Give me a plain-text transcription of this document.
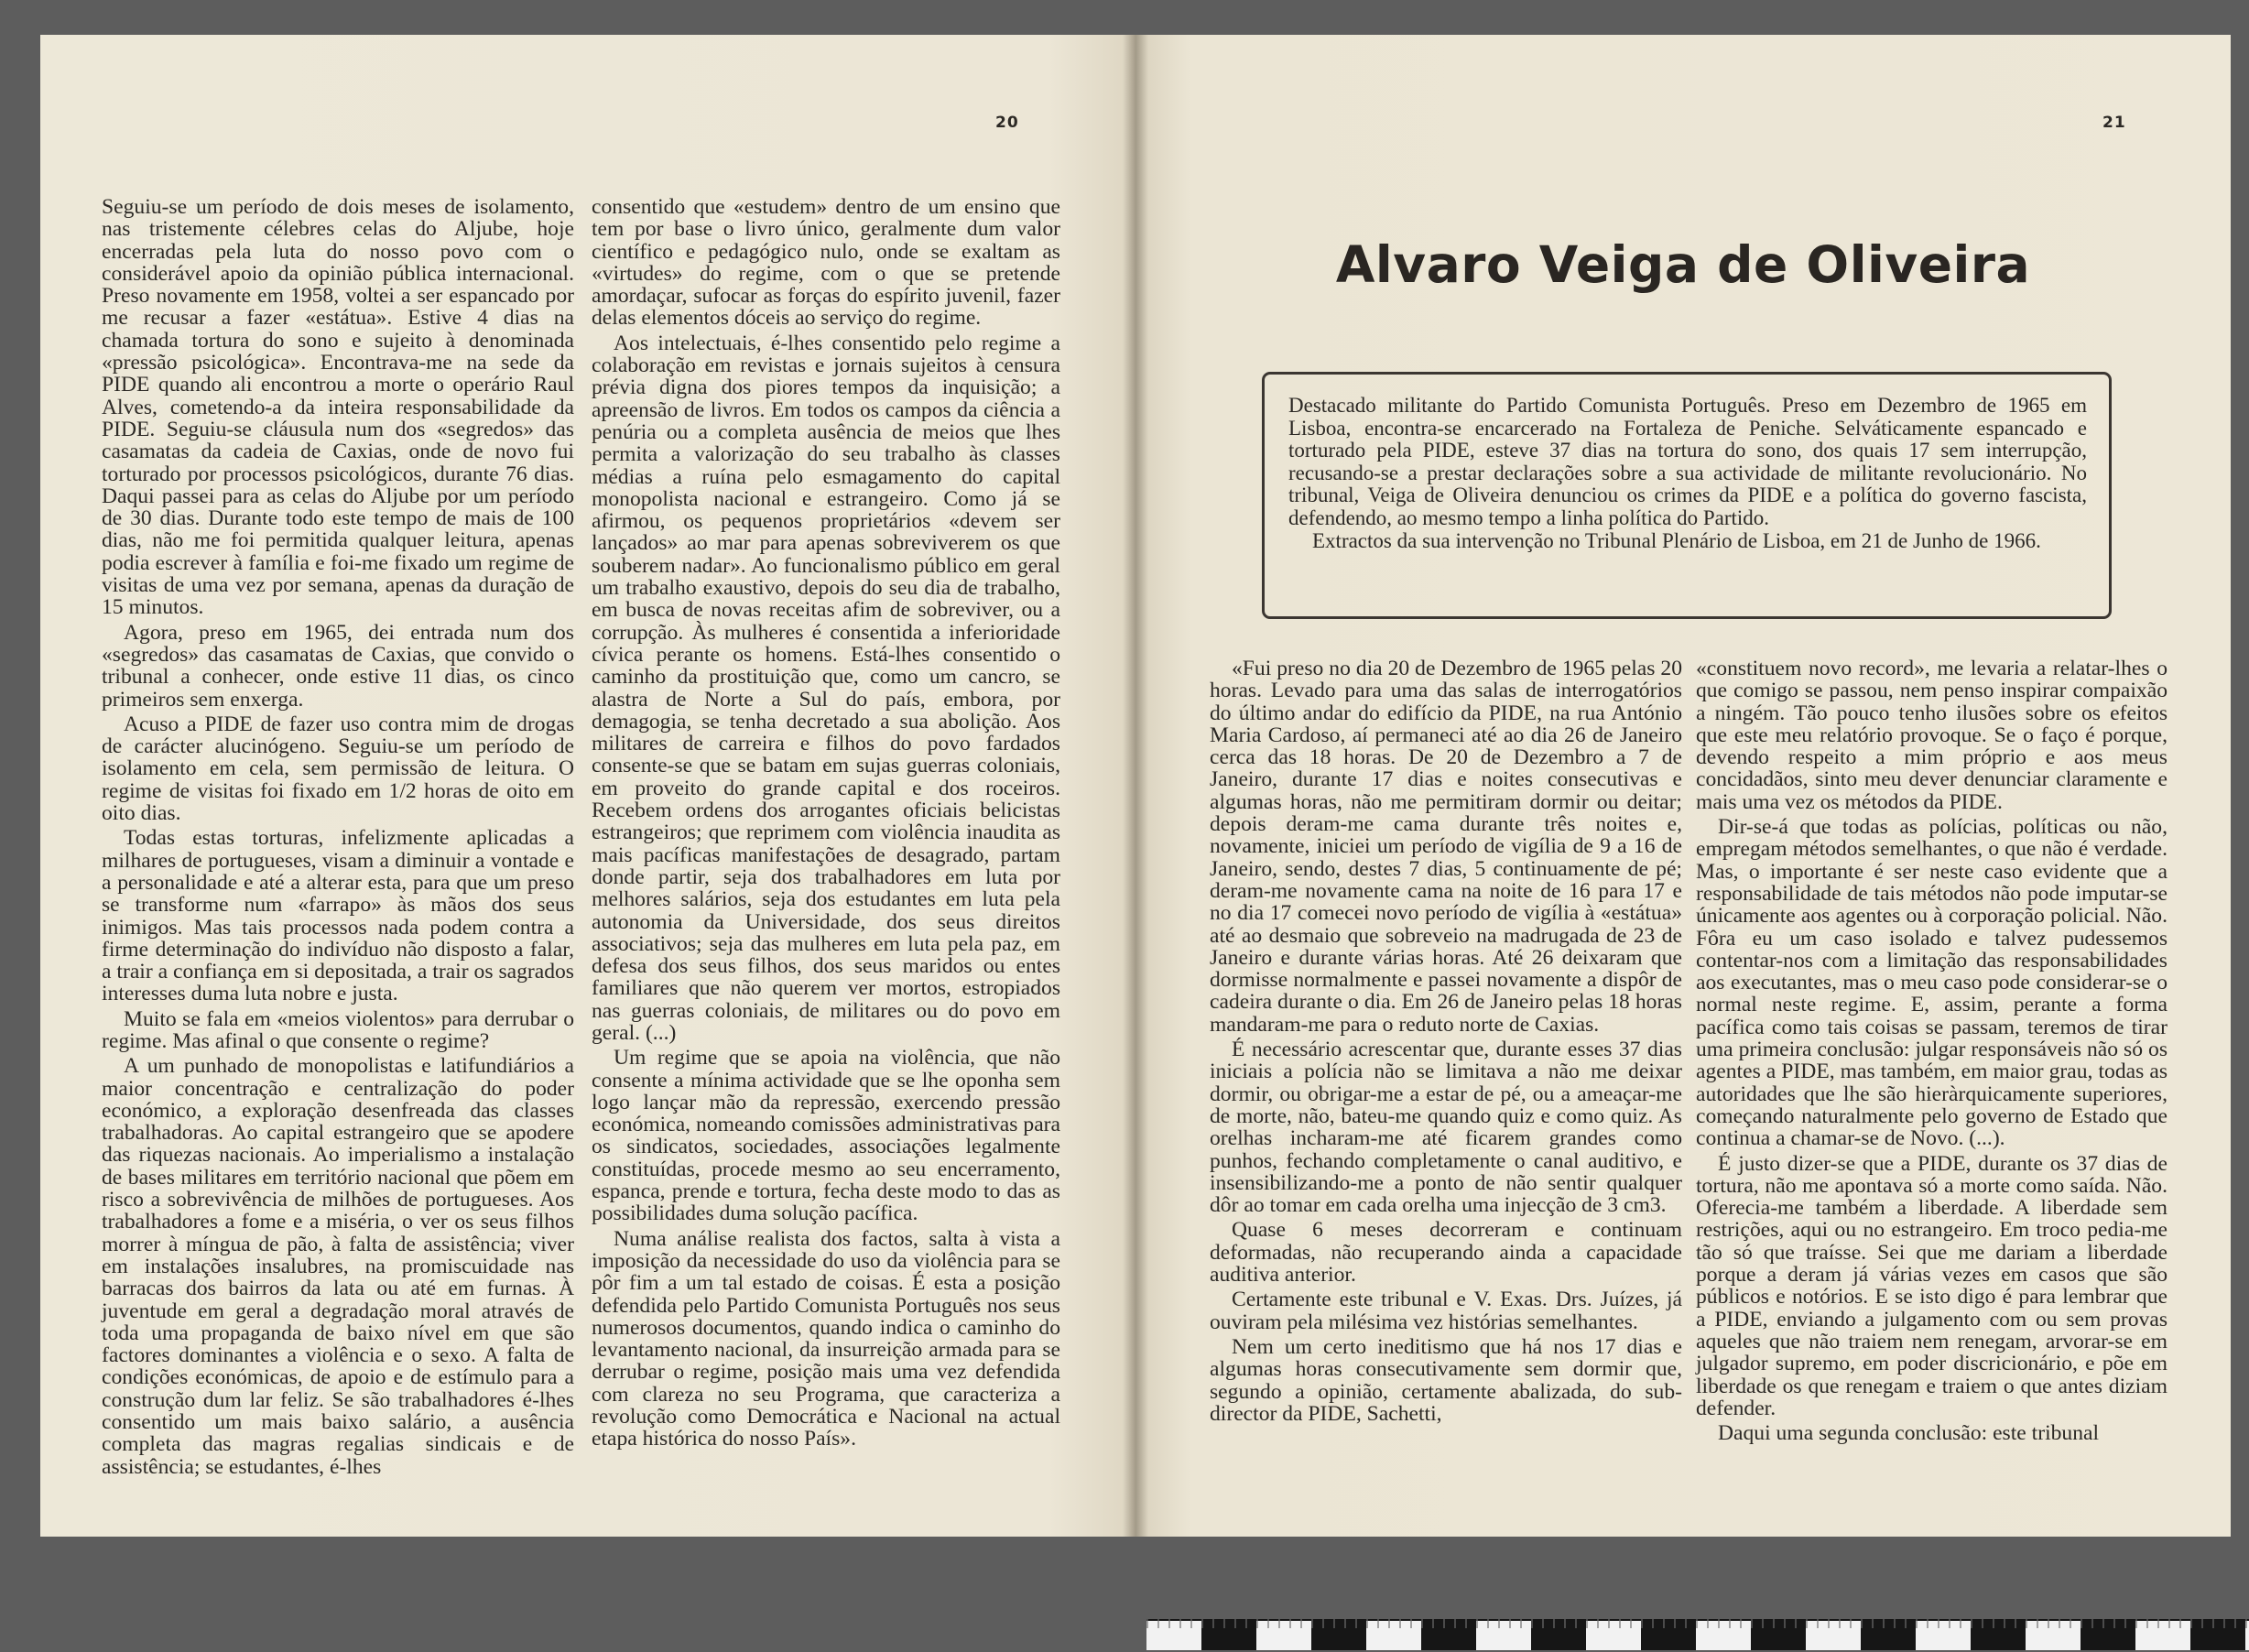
20

Seguiu-se um período de dois meses de isolamento, nas tristemente célebres celas do Aljube, hoje encerradas pela luta do nosso povo com o considerável apoio da opinião pública internacional. Preso novamente em 1958, voltei a ser espancado por me recusar a fazer «estátua». Estive 4 dias na chamada tortura do sono e sujeito à denominada «pressão psicológica». Encontrava-me na sede da PIDE quando ali encontrou a morte o operário Raul Alves, cometendo-a da inteira responsabilidade da PIDE. Seguiu-se cláusula num dos «segredos» das casamatas da cadeia de Caxias, onde de novo fui torturado por processos psicológicos, durante 76 dias. Daqui passei para as celas do Aljube por um período de 30 dias. Durante todo este tempo de mais de 100 dias, não me foi permitida qualquer leitura, apenas podia escrever à família e foi-me fixado um regime de visitas de uma vez por semana, apenas da duração de 15 minutos.

Agora, preso em 1965, dei entrada num dos «segredos» das casamatas de Caxias, que convido o tribunal a conhecer, onde estive 11 dias, os cinco primeiros sem enxerga.

Acuso a PIDE de fazer uso contra mim de drogas de carácter alucinógeno. Seguiu-se um período de isolamento em cela, sem permissão de leitura. O regime de visitas foi fixado em 1/2 horas de oito em oito dias.

Todas estas torturas, infelizmente aplicadas a milhares de portugueses, visam a diminuir a vontade e a personalidade e até a alterar esta, para que um preso se transforme num «farrapo» às mãos dos seus inimigos. Mas tais processos nada podem contra a firme determinação do indivíduo não disposto a falar, a trair a confiança em si depositada, a trair os sagrados interesses duma luta nobre e justa.

Muito se fala em «meios violentos» para derrubar o regime. Mas afinal o que consente o regime?

A um punhado de monopolistas e latifundiários a maior concentração e centralização do poder económico, a exploração desenfreada das classes trabalhadoras. Ao capital estrangeiro que se apodere das riquezas nacionais. Ao imperialismo a instalação de bases militares em território nacional que põem em risco a sobrevivência de milhões de portugueses. Aos trabalhadores a fome e a miséria, o ver os seus filhos morrer à míngua de pão, à falta de assistência; viver em instalações insalubres, na promiscuidade nas barracas dos bairros da lata ou até em furnas. À juventude em geral a degradação moral através de toda uma propaganda de baixo nível em que são factores dominantes a violência e o sexo. A falta de condições económicas, de apoio e de estímulo para a construção dum lar feliz. Se são trabalhadores é-lhes consentido um mais baixo salário, a ausência completa das magras regalias sindicais e de assistência; se estudantes, é-lhes

consentido que «estudem» dentro de um ensino que tem por base o livro único, geralmente dum valor científico e pedagógico nulo, onde se exaltam as «virtudes» do regime, com o que se pretende amordaçar, sufocar as forças do espírito juvenil, fazer delas elementos dóceis ao serviço do regime.

Aos intelectuais, é-lhes consentido pelo regime a colaboração em revistas e jornais sujeitos à censura prévia digna dos piores tempos da inquisição; a apreensão de livros. Em todos os campos da ciência a penúria ou a completa ausência de meios que lhes permita a valorização do seu trabalho às classes médias a ruína pelo esmagamento do capital monopolista nacional e estrangeiro. Como já se afirmou, os pequenos proprietários «devem ser lançados» ao mar para apenas sobreviverem os que souberem nadar». Ao funcionalismo público em geral um trabalho exaustivo, depois do seu dia de trabalho, em busca de novas receitas afim de sobreviver, ou a corrupção. Às mulheres é consentida a inferioridade cívica perante os homens. Está-lhes consentido o caminho da prostituição que, como um cancro, se alastra de Norte a Sul do país, embora, por demagogia, se tenha decretado a sua abolição. Aos militares de carreira e filhos do povo fardados consente-se que se batam em sujas guerras coloniais, em proveito do grande capital e dos roceiros. Recebem ordens dos arrogantes oficiais belicistas estrangeiros; que reprimem com violência inaudita as mais pacíficas manifestações de desagrado, partam donde partir, seja dos trabalhadores em luta por melhores salários, seja dos estudantes em luta pela autonomia da Universidade, dos seus direitos associativos; seja das mulheres em luta pela paz, em defesa dos seus filhos, dos seus maridos ou entes familiares que não querem ver mortos, estropiados nas guerras coloniais, de militares ou do povo em geral. (...)

Um regime que se apoia na violência, que não consente a mínima actividade que se lhe oponha sem logo lançar mão da repressão, exercendo pressão económica, nomeando comissões administrativas para os sindicatos, sociedades, associações legalmente constituídas, procede mesmo ao seu encerramento, espanca, prende e tortura, fecha deste modo to das as possibilidades duma solução pacífica.

Numa análise realista dos factos, salta à vista a imposição da necessidade do uso da violência para se pôr fim a um tal estado de coisas. É esta a posição defendida pelo Partido Comunista Português nos seus numerosos documentos, quando indica o caminho do levantamento nacional, da insurreição armada para se derrubar o regime, posição mais uma vez defendida com clareza no seu Programa, que caracteriza a revolução como Democrática e Nacional na actual etapa histórica do nosso País».

21
Alvaro Veiga de Oliveira

Destacado militante do Partido Comunista Português. Preso em Dezembro de 1965 em Lisboa, encontra-se encarcerado na Fortaleza de Peniche. Selváticamente espancado e torturado pela PIDE, esteve 37 dias na tortura do sono, dos quais 17 sem interrupção, recusando-se a prestar declarações sobre a sua actividade de militante revolucionário. No tribunal, Veiga de Oliveira denunciou os crimes da PIDE e a política do governo fascista, defendendo, ao mesmo tempo a linha política do Partido.

Extractos da sua intervenção no Tribunal Plenário de Lisboa, em 21 de Junho de 1966.

«Fui preso no dia 20 de Dezembro de 1965 pelas 20 horas. Levado para uma das salas de interrogatórios do último andar do edifício da PIDE, na rua António Maria Cardoso, aí permaneci até ao dia 26 de Janeiro cerca das 18 horas. De 20 de Dezembro a 7 de Janeiro, durante 17 dias e noites consecutivas e algumas horas, não me permitiram dormir ou deitar; depois deram-me cama durante três noites e, novamente, iniciei um período de vigília de 9 a 16 de Janeiro, sendo, destes 7 dias, 5 continuamente de pé; deram-me novamente cama na noite de 16 para 17 e no dia 17 comecei novo período de vigília à «estátua» até ao desmaio que sobreveio na madrugada de 23 de Janeiro e durante várias horas. Até 26 deixaram que dormisse normalmente e passei novamente a dispôr de cadeira durante o dia. Em 26 de Janeiro pelas 18 horas mandaram-me para o reduto norte de Caxias.

É necessário acrescentar que, durante esses 37 dias iniciais a polícia não se limitava a não me deixar dormir, ou obrigar-me a estar de pé, ou a ameaçar-me de morte, não, bateu-me quando quiz e como quiz. As orelhas incharam-me até ficarem grandes como punhos, fechando completamente o canal auditivo, e insensibilizando-me a ponto de não sentir qualquer dôr ao tomar em cada orelha uma injecção de 3 cm3.

Quase 6 meses decorreram e continuam deformadas, não recuperando ainda a capacidade auditiva anterior.

Certamente este tribunal e V. Exas. Drs. Juízes, já ouviram pela milésima vez histórias semelhantes.

Nem um certo ineditismo que há nos 17 dias e algumas horas consecutivamente sem dormir que, segundo a opinião, certamente abalizada, do sub-director da PIDE, Sachetti,

«constituem novo record», me levaria a relatar-lhes o que comigo se passou, nem penso inspirar compaixão a ningém. Tão pouco tenho ilusões sobre os efeitos que este meu relatório provoque. Se o faço é porque, devendo respeito a mim próprio e aos meus concidadãos, sinto meu dever denunciar claramente e mais uma vez os métodos da PIDE.

Dir-se-á que todas as polícias, políticas ou não, empregam métodos semelhantes, o que não é verdade. Mas, o importante é ser neste caso evidente que a responsabilidade de tais métodos não pode imputar-se únicamente aos agentes ou à corporação policial. Não. Fôra eu um caso isolado e talvez pudessemos contentar-nos com a limitação das responsabilidades aos executantes, mas o meu caso pode considerar-se o normal neste regime. E, assim, perante a forma pacífica como tais coisas se passam, teremos de tirar uma primeira conclusão: julgar responsáveis não só os agentes a PIDE, mas também, em maior grau, todas as autoridades que lhe são hieràrquicamente superiores, começando naturalmente pelo governo de Estado que continua a chamar-se de Novo. (...).

É justo dizer-se que a PIDE, durante os 37 dias de tortura, não me apontava só a morte como saída. Não. Oferecia-me também a liberdade. A liberdade sem restrições, aqui ou no estrangeiro. Em troco pedia-me tão só que traísse. Sei que me dariam a liberdade porque a deram já várias vezes em casos que são públicos e notórios. E se isto digo é para lembrar que a PIDE, enviando a julgamento com ou sem provas aqueles que não traiem nem renegam, arvorar-se em julgador supremo, em poder discricionário, e põe em liberdade os que renegam e traiem o que antes diziam defender.

Daqui uma segunda conclusão: este tribunal
